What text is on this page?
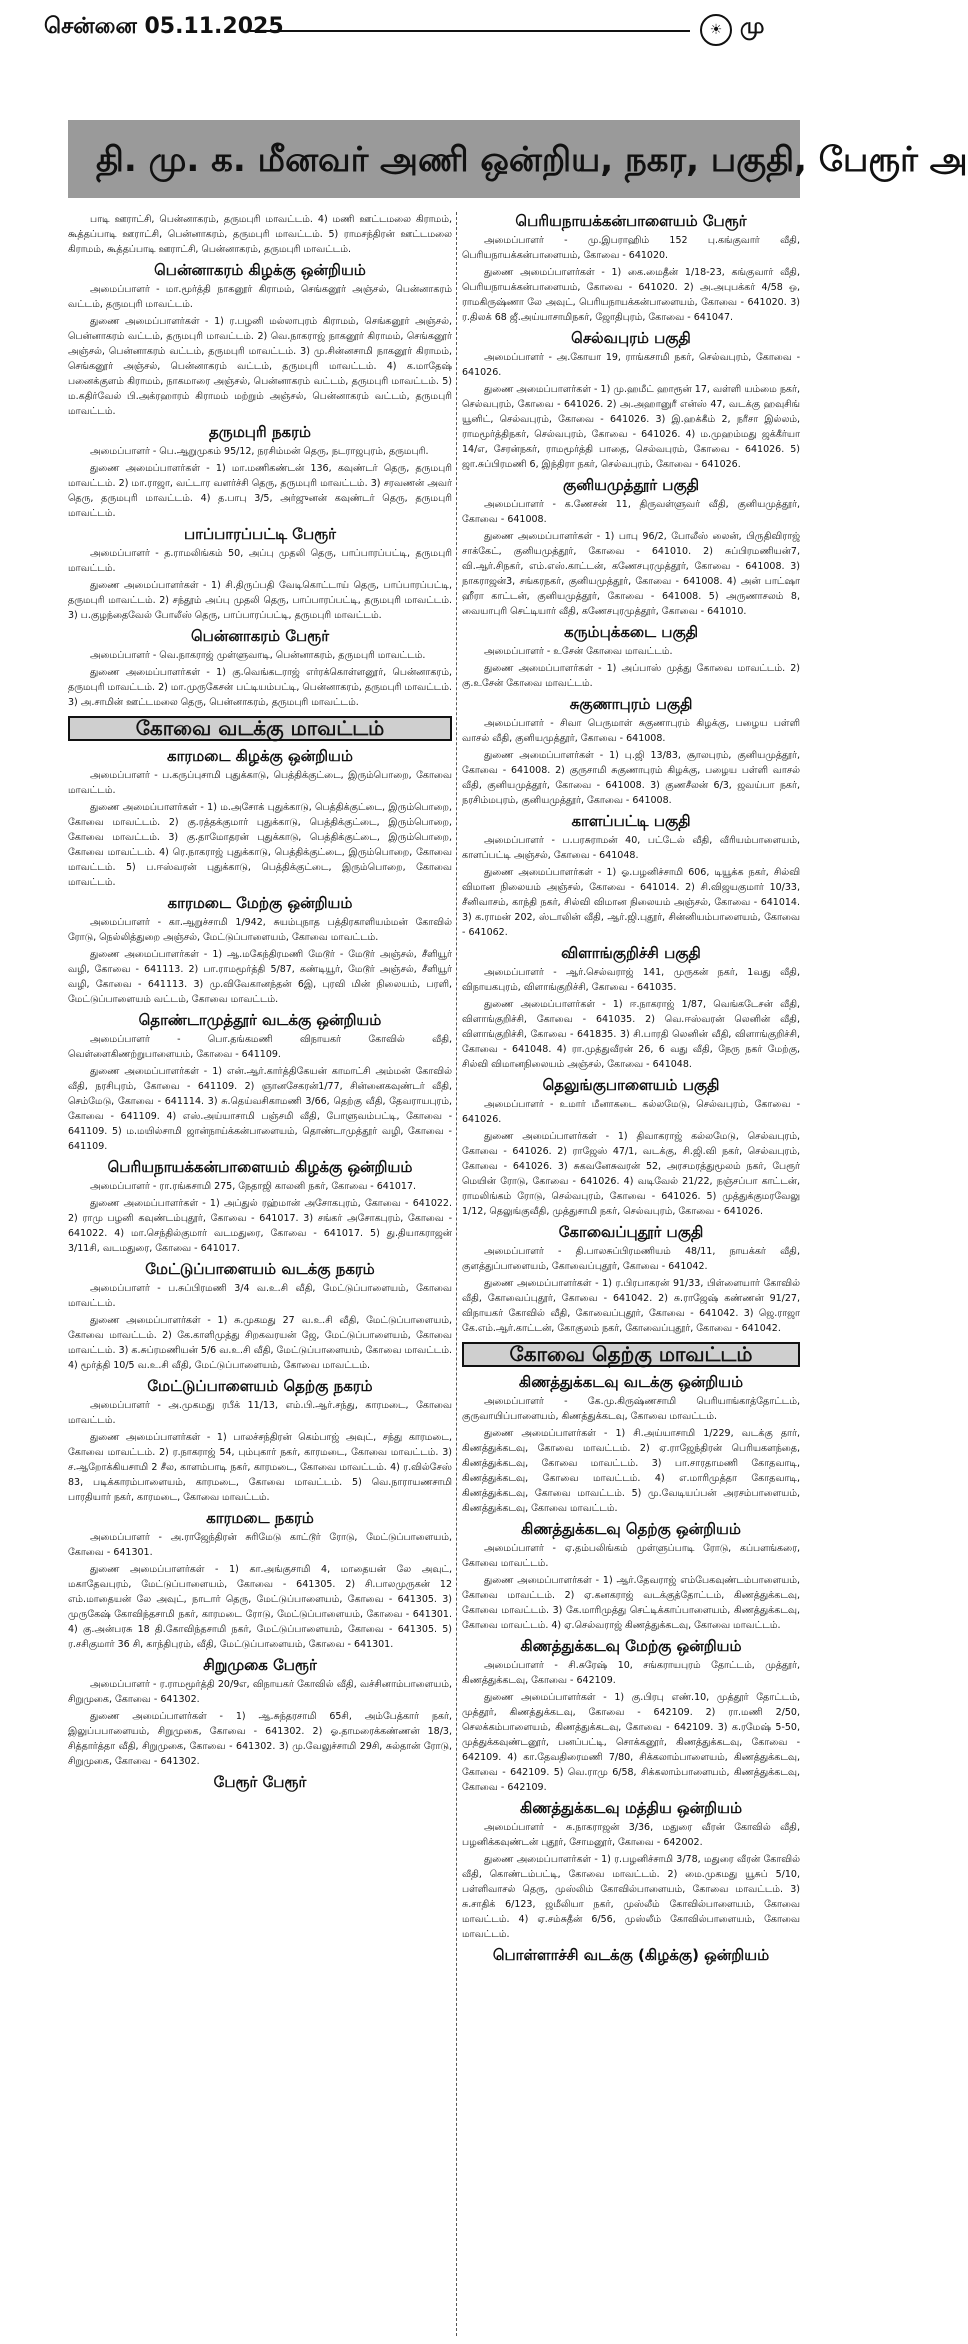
சென்னை 05.11.2025	☀ மு
தி. மு. க. மீனவர் அணி ஒன்றிய, நகர, பகுதி, பேரூர் அ

பாடி ஊராட்சி, பென்னாகரம், தருமபுரி மாவட்டம். 4) மணி ஊட்டமலை கிராமம், கூத்தப்பாடி ஊராட்சி, பென்னாகரம், தருமபுரி மாவட்டம். 5) ராமசந்திரன் ஊட்டமலை கிராமம், கூத்தப்பாடி ஊராட்சி, பென்னாகரம், தருமபுரி மாவட்டம்.

பென்னாகரம் கிழக்கு ஒன்றியம்

அமைப்பாளர் - மா.மூர்த்தி நாகனூர் கிராமம், செங்கனூர் அஞ்சல், பென்னாகரம் வட்டம், தருமபுரி மாவட்டம்.

துணை அமைப்பாளர்கள் - 1) ர.பழனி மல்லாபுரம் கிராமம், செங்கனூர் அஞ்சல், பென்னாகரம் வட்டம், தருமபுரி மாவட்டம். 2) வெ.நாகராஜ் நாகனூர் கிராமம், செங்கனூர் அஞ்சல், பென்னாகரம் வட்டம், தருமபுரி மாவட்டம். 3) மு.சின்னசாமி நாகனூர் கிராமம், செங்கனூர் அஞ்சல், பென்னாகரம் வட்டம், தருமபுரி மாவட்டம். 4) க.மாதேஷ் பனைக்குளம் கிராமம், நாகமாரை அஞ்சல், பென்னாகரம் வட்டம், தருமபுரி மாவட்டம். 5) ம.கதிர்வேல் பி.அக்ரஹாரம் கிராமம் மற்றும் அஞ்சல், பென்னாகரம் வட்டம், தருமபுரி மாவட்டம்.

தருமபுரி நகரம்

அமைப்பாளர் - பெ.ஆறுமுகம் 95/12, நரசிம்மன் தெரு, நடராஜபுரம், தருமபுரி.

துணை அமைப்பாளர்கள் - 1) மா.மணிகண்டன் 136, கவுண்டர் தெரு, தருமபுரி மாவட்டம். 2) மா.ராஜா, வட்டார வளர்ச்சி தெரு, தருமபுரி மாவட்டம். 3) சரவணன் அவர் தெரு, தருமபுரி மாவட்டம். 4) த.பாபு 3/5, அர்ஜுனன் கவுண்டர் தெரு, தருமபுரி மாவட்டம்.

பாப்பாரப்பட்டி பேரூர்

அமைப்பாளர் - த.ராமலிங்கம் 50, அப்பு முதலி தெரு, பாப்பாரப்பட்டி, தருமபுரி மாவட்டம்.

துணை அமைப்பாளர்கள் - 1) சி.திருப்பதி வேடிகொட்டாய் தெரு, பாப்பாரப்பட்டி, தருமபுரி மாவட்டம். 2) சந்தூம் அப்பு முதலி தெரு, பாப்பாரப்பட்டி, தருமபுரி மாவட்டம். 3) ப.குழந்தைவேல் போலீஸ் தெரு, பாப்பாரப்பட்டி, தருமபுரி மாவட்டம்.

பென்னாகரம் பேரூர்

அமைப்பாளர் - வெ.நாகராஜ் முள்ளுவாடி, பென்னாகரம், தருமபுரி மாவட்டம்.

துணை அமைப்பாளர்கள் - 1) கு.வெங்கடராஜ் எர்ரக்கொள்ளனூர், பென்னாகரம், தருமபுரி மாவட்டம். 2) மா.முருகேசன் பட்டியம்பட்டி, பென்னாகரம், தருமபுரி மாவட்டம். 3) அ.சாமின் ஊட்டமலை தெரு, பென்னாகரம், தருமபுரி மாவட்டம்.

கோவை வடக்கு மாவட்டம்
காரமடை கிழக்கு ஒன்றியம்

அமைப்பாளர் - ப.கருப்புசாமி புதுக்காடு, பெத்திக்குட்டை, இரும்பொறை, கோவை மாவட்டம்.

துணை அமைப்பாளர்கள் - 1) ம.அசோக் புதுக்காடு, பெத்திக்குட்டை, இரும்பொறை, கோவை மாவட்டம். 2) கு.ரத்தக்குமார் புதுக்காடு, பெத்திக்குட்டை, இரும்பொறை, கோவை மாவட்டம். 3) கு.தாமோதரன் புதுக்காடு, பெத்திக்குட்டை, இரும்பொறை, கோவை மாவட்டம். 4) ரெ.நாகராஜ் புதுக்காடு, பெத்திக்குட்டை, இரும்பொறை, கோவை மாவட்டம். 5) ப.ஈஸ்வரன் புதுக்காடு, பெத்திக்குட்டை, இரும்பொறை, கோவை மாவட்டம்.

காரமடை மேற்கு ஒன்றியம்

அமைப்பாளர் - கா.ஆறுச்சாமி 1/942, சுயம்புநாத பத்திரகாளியம்மன் கோவில் ரோடு, நெல்லித்துறை அஞ்சல், மேட்டுப்பாளையம், கோவை மாவட்டம்.

துணை அமைப்பாளர்கள் - 1) ஆ.மகேந்திரமணி மேடூர் - மேடூர் அஞ்சல், சீளியூர் வழி, கோவை - 641113. 2) பா.ராமமூர்த்தி 5/87, கண்டியூர், மேடூர் அஞ்சல், சீளியூர் வழி, கோவை - 641113. 3) மு.விவேகானந்தன் 6இ, புரவி மின் நிலையம், பரளி, மேட்டுப்பாளையம் வட்டம், கோவை மாவட்டம்.

தொண்டாமுத்தூர் வடக்கு ஒன்றியம்

அமைப்பாளர் - பொ.தங்கமணி விநாயகர் கோவில் வீதி, வெள்ளைகிணற்றுபாளையம், கோவை - 641109.

துணை அமைப்பாளர்கள் - 1) என்.ஆர்.கார்த்திகேயன் காமாட்சி அம்மன் கோவில் வீதி, நரசிபுரம், கோவை - 641109. 2) ஞானசேகரன்1/77, சின்னைகவுண்டர் வீதி, செம்மேடு, கோவை - 641114. 3) சு.தெய்வசிகாமணி 3/66, தெற்கு வீதி, தேவராயபுரம், கோவை - 641109. 4) எஸ்.அய்யாசாமி பஞ்சமி வீதி, போளுவம்பட்டி, கோவை - 641109. 5) ம.மயில்சாமி ஜான்நாய்க்கன்பாளையம், தொண்டாமுத்தூர் வழி, கோவை - 641109.

பெரியநாயக்கன்பாளையம் கிழக்கு ஒன்றியம்

அமைப்பாளர் - ரா.ரங்கசாமி 275, நேதாஜி காலனி நகர், கோவை - 641017.

துணை அமைப்பாளர்கள் - 1) அப்துல் ரஹ்மான் அசோகபுரம், கோவை - 641022. 2) ராமு பழனி கவுண்டம்புதூர், கோவை - 641017. 3) சங்கர் அசோகபுரம், கோவை - 641022. 4) மா.செந்தில்குமார் வடமதுரை, கோவை - 641017. 5) து.தியாகராஜன் 3/11சி, வடமதுரை, கோவை - 641017.

மேட்டுப்பாளையம் வடக்கு நகரம்

அமைப்பாளர் - ப.சுப்பிரமணி 3/4 வ.உ.சி வீதி, மேட்டுப்பாளையம், கோவை மாவட்டம்.

துணை அமைப்பாளர்கள் - 1) சு.முகமது 27 வ.உ.சி வீதி, மேட்டுப்பாளையம், கோவை மாவட்டம். 2) கே.காளிமுத்து சிறகவரயன் ஜே, மேட்டுப்பாளையம், கோவை மாவட்டம். 3) க.சுப்ரமணியன் 5/6 வ.உ.சி வீதி, மேட்டுப்பாளையம், கோவை மாவட்டம். 4) மூர்த்தி 10/5 வ.உ.சி வீதி, மேட்டுப்பாளையம், கோவை மாவட்டம்.

மேட்டுப்பாளையம் தெற்கு நகரம்

அமைப்பாளர் - அ.முகமது ரபீக் 11/13, எம்.பி.ஆர்.சந்து, காரமடை, கோவை மாவட்டம்.

துணை அமைப்பாளர்கள் - 1) பாலச்சந்திரன் கெம்பாஜ் அவுட், சந்து காரமடை, கோவை மாவட்டம். 2) ர.நாகராஜ் 54, பும்புகார் நகர், காரமடை, கோவை மாவட்டம். 3) ச.ஆறோக்கியசாமி 2 சீல, காளம்பாடி நகர், காரமடை, கோவை மாவட்டம். 4) ர.வில்சேஸ் 83, படிக்காரம்பாளையம், காரமடை, கோவை மாவட்டம். 5) வெ.நாராயணசாமி பாரதியார் நகர், காரமடை, கோவை மாவட்டம்.

காரமடை நகரம்

அமைப்பாளர் - அ.ராஜேந்திரன் சுரிமேடு காட்டூர் ரோடு, மேட்டுப்பாளையம், கோவை - 641301.

துணை அமைப்பாளர்கள் - 1) கா.அங்குசாமி 4, மாதையன் லே அவுட், மகாதேவபுரம், மேட்டுப்பாளையம், கோவை - 641305. 2) சி.பாலமுருகன் 12 எம்.மாதையன் லே அவுட், நாடார் தெரு, மேட்டுப்பாளையம், கோவை - 641305. 3) முருகேஷ் கோவிந்தசாமி நகர், காரமடை ரோடு, மேட்டுப்பாளையம், கோவை - 641301. 4) கு.அன்பரசு 18 தி.கோவிந்தசாமி நகர், மேட்டுப்பாளையம், கோவை - 641305. 5) ர.சசிகுமார் 36 சி, காந்திபுரம், வீதி, மேட்டுப்பாளையம், கோவை - 641301.

சிறுமுகை பேரூர்

அமைப்பாளர் - ர.ராமமூர்த்தி 20/9எ, விநாயகர் கோவில் வீதி, வச்சினாம்பாளையம், சிறுமுகை, கோவை - 641302.

துணை அமைப்பாளர்கள் - 1) ஆ.சுந்தரசாமி 65சி, அம்பேத்கார் நகர், இலுப்பபாளையம், சிறுமுகை, கோவை - 641302. 2) ஓ.தாமரைக்கண்ணன் 18/3, சித்தார்த்தா வீதி, சிறுமுகை, கோவை - 641302. 3) மு.வேலுச்சாமி 29சி, சுல்தான் ரோடு, சிறுமுகை, கோவை - 641302.

பேரூர் பேரூர்

பெரியநாயக்கன்பாளையம் பேரூர்

அமைப்பாளர் - மு.இபராஹிம் 152 பு.கங்குவார் வீதி, பெரியநாயக்கன்பாளையம், கோவை - 641020.

துணை அமைப்பாளர்கள் - 1) கை.மைதீன் 1/18-23, கங்குவார் வீதி, பெரியநாயக்கன்பாளையம், கோவை - 641020. 2) அ.அபுபக்கர் 4/58 ஒ, ராமகிருஷ்ணா லே அவுட், பெரியநாயக்கன்பாளையம், கோவை - 641020. 3) ர.திலக் 68 ஜீ.அய்யாசாமிநகர், ஜோதிபுரம், கோவை - 641047.

செல்வபுரம் பகுதி

அமைப்பாளர் - அ.கோயா 19, ராங்கசாமி நகர், செல்வபுரம், கோவை - 641026.

துணை அமைப்பாளர்கள் - 1) மு.ஹமீட் ஹாரூன் 17, வள்ளி யம்மை நகர், செல்வபுரம், கோவை - 641026. 2) அ.அஹானுரீ என்ஸ் 47, வடக்கு ஹவுசிங் யூனிட், செல்வபுரம், கோவை - 641026. 3) இ.ஹக்கீம் 2, நரீசா இல்லம், ராமமூர்த்திநகர், செல்வபுரம், கோவை - 641026. 4) ம.முஹம்மது ஜக்கீர்யா 14/எ, சேரன்நகர், ராமமூர்த்தி பாதை, செல்வபுரம், கோவை - 641026. 5) ஜா.சுப்பிரமணி 6, இந்திரா நகர், செல்வபுரம், கோவை - 641026.

குனியமுத்தூர் பகுதி

அமைப்பாளர் - க.ணேசன் 11, திருவள்ளுவர் வீதி, குனியமுத்தூர், கோவை - 641008.

துணை அமைப்பாளர்கள் - 1) பாபு 96/2, போலீஸ் லைன், பிருதிவிராஜ் சாக்கேட், குனியமுத்தூர், கோவை - 641010. 2) சுப்பிரமணியன்7, வி.ஆர்.சிநகர், எம்.எஸ்.காட்டன், கணேசபுரமுத்தூர், கோவை - 641008. 3) நாகராஜன்3, சங்கரநகர், குனியமுத்தூர், கோவை - 641008. 4) அன் பாட்ஷா ஹீரா காட்டன், குனியமுத்தூர், கோவை - 641008. 5) அருணாசலம் 8, வையாபுரி செட்டியார் வீதி, கணேசபுரமுத்தூர், கோவை - 641010.

கரும்புக்கடை பகுதி

அமைப்பாளர் - உசேன் கோவை மாவட்டம்.

துணை அமைப்பாளர்கள் - 1) அப்பாஸ் முத்து கோவை மாவட்டம். 2) கு.உசேன் கோவை மாவட்டம்.

சுகுணாபுரம் பகுதி

அமைப்பாளர் - சிவா பெருமாள் சுகுணாபுரம் கிழக்கு, பழைய பள்ளி வாசல் வீதி, குனியமுத்தூர், கோவை - 641008.

துணை அமைப்பாளர்கள் - 1) பு.ஜி 13/83, சூாலபுரம், குனியமுத்தூர், கோவை - 641008. 2) குருசாமி சுகுணாபுரம் கிழக்கு, பழைய பள்ளி வாசல் வீதி, குனியமுத்தூர், கோவை - 641008. 3) குணசீலன் 6/3, ஜவய்பா நகர், நரசிம்மபுரம், குனியமுத்தூர், கோவை - 641008.

காளப்பட்டி பகுதி

அமைப்பாளர் - ப.பரசுராமன் 40, பட்டேல் வீதி, வீரியம்பாளையம், காளப்பட்டி அஞ்சல், கோவை - 641048.

துணை அமைப்பாளர்கள் - 1) ஓ.பழனிச்சாமி 606, டியூக்க நகர், சில்வி விமான நிலையம் அஞ்சல், கோவை - 641014. 2) சி.விஜயகுமார் 10/33, சீனிவாசம், காந்தி நகர், சில்வி விமான நிலையம் அஞ்சல், கோவை - 641014. 3) க.ராமன் 202, ஸ்டாலின் வீதி, ஆர்.ஜி.புதூர், சின்னியம்பாளையம், கோவை - 641062.

விளாங்குறிச்சி பகுதி

அமைப்பாளர் - ஆர்.செல்வராஜ் 141, முருகன் நகர், 1வது வீதி, விநாயகபுரம், விளாங்குறிச்சி, கோவை - 641035.

துணை அமைப்பாளர்கள் - 1) ஈ.நாகராஜ் 1/87, வெங்கடேசன் வீதி, விளாங்குறிச்சி, கோவை - 641035. 2) வெ.ஈஸ்வரன் லெனின் வீதி, விளாங்குறிச்சி, கோவை - 641835. 3) சி.பாரதி லெனின் வீதி, விளாங்குறிச்சி, கோவை - 641048. 4) ரா.முத்துவீரன் 26, 6 வது வீதி, நேரு நகர் மேற்கு, சில்வி விமானநிலையம் அஞ்சல், கோவை - 641048.

தெலுங்குபாளையம் பகுதி

அமைப்பாளர் - உமார் மீனாகடை கல்லமேடு, செல்வபுரம், கோவை - 641026.

துணை அமைப்பாளர்கள் - 1) திவாகராஜ் கல்லமேடு, செல்வபுரம், கோவை - 641026. 2) ராஜேஸ் 47/1, வடக்கு, சி.ஜி.வி நகர், செல்வபுரம், கோவை - 641026. 3) சுகவனேசுவரன் 52, அரசமரத்துமூலம் நகர், பேரூர் மெயின் ரோடு, கோவை - 641026. 4) வடிவேல் 21/22, நஞ்சப்பா காட்டன், ராமலிங்கம் ரோடு, செல்வபுரம், கோவை - 641026. 5) முத்துக்குமரவேலு 1/12, தெலுங்குவீதி, முத்துசாமி நகர், செல்வபுரம், கோவை - 641026.

கோவைப்புதூர் பகுதி

அமைப்பாளர் - தி.பாலசுப்பிரமணியம் 48/11, நாயக்கர் வீதி, குளத்துப்பாளையம், கோவைப்புதூர், கோவை - 641042.

துணை அமைப்பாளர்கள் - 1) ர.பிரபாகரன் 91/33, பிள்ளையார் கோவில் வீதி, கோவைப்புதூர், கோவை - 641042. 2) சு.ராஜேஷ் கண்ணன் 91/27, விநாயகர் கோவில் வீதி, கோவைப்புதூர், கோவை - 641042. 3) ஜெ.ராஜா கே.எம்.ஆர்.காட்டன், கோகுலம் நகர், கோவைப்புதூர், கோவை - 641042.

கோவை தெற்கு மாவட்டம்
கிணத்துக்கடவு வடக்கு ஒன்றியம்

அமைப்பாளர் - கே.மு.கிருஷ்ணசாமி பெரியாங்காத்தோட்டம், குருவாயிப்பாளையம், கிணத்துக்கடவு, கோவை மாவட்டம்.

துணை அமைப்பாளர்கள் - 1) சி.அய்யாசாமி 1/229, வடக்கு தார், கிணத்துக்கடவு, கோவை மாவட்டம். 2) ஏ.ராஜேந்திரன் பெரியகளந்தை, கிணத்துக்கடவு, கோவை மாவட்டம். 3) பா.சாரதாமணி கோதவாடி, கிணத்துக்கடவு, கோவை மாவட்டம். 4) எ.மாரிமுத்தா கோதவாடி, கிணத்துக்கடவு, கோவை மாவட்டம். 5) மு.வேடியப்பன் அரசம்பாளையம், கிணத்துக்கடவு, கோவை மாவட்டம்.

கிணத்துக்கடவு தெற்கு ஒன்றியம்

அமைப்பாளர் - ஏ.தம்பலிங்கம் முள்ளுப்பாடி ரோடு, கப்பளங்கரை, கோவை மாவட்டம்.

துணை அமைப்பாளர்கள் - 1) ஆர்.தேவராஜ் எம்பேகவுண்டம்பாளையம், கோவை மாவட்டம். 2) ஏ.கனகராஜ் வடக்குத்தோட்டம், கிணத்துக்கடவு, கோவை மாவட்டம். 3) கே.மாரிமுத்து செட்டிக்காப்பாளையம், கிணத்துக்கடவு, கோவை மாவட்டம். 4) ஏ.செல்வராஜ் கிணத்துக்கடவு, கோவை மாவட்டம்.

கிணத்துக்கடவு மேற்கு ஒன்றியம்

அமைப்பாளர் - சி.சுரேஷ் 10, சங்கராயபுரம் தோட்டம், முத்தூர், கிணத்துக்கடவு, கோவை - 642109.

துணை அமைப்பாளர்கள் - 1) கு.பிரபு எண்.10, முத்தூர் தோட்டம், முத்தூர், கிணத்துக்கடவு, கோவை - 642109. 2) ரா.மணி 2/50, செலக்கம்பாளையம், கிணத்துக்கடவு, கோவை - 642109. 3) க.ரமேஷ் 5-50, முத்துக்கவுண்டனூர், பனப்பட்டி, சொக்கனூர், கிணத்துக்கடவு, கோவை - 642109. 4) கா.தேவதிரைமணி 7/80, சிக்கலாம்பாளையம், கிணத்துக்கடவு, கோவை - 642109. 5) வெ.ராமு 6/58, சிக்கலாம்பாளையம், கிணத்துக்கடவு, கோவை - 642109.

கிணத்துக்கடவு மத்திய ஒன்றியம்

அமைப்பாளர் - சு.நாகராஜன் 3/36, மதுரை வீரன் கோவில் வீதி, பழனிக்கவுண்டன் புதூர், சோமனூர், கோவை - 642002.

துணை அமைப்பாளர்கள் - 1) ர.பழனிச்சாமி 3/78, மதுரை வீரன் கோவில் வீதி, கொண்டம்பட்டி, கோவை மாவட்டம். 2) மை.முகமது யூசுப் 5/10, பள்ளிவாசல் தெரு, முஸ்லிம் கோவில்பாளையம், கோவை மாவட்டம். 3) சு.சாதிக் 6/123, ஜமீலியா நகர், முஸ்லீம் கோவில்பாளையம், கோவை மாவட்டம். 4) ஏ.சம்சுதீன் 6/56, முஸ்லீம் கோவில்பாளையம், கோவை மாவட்டம்.

பொள்ளாச்சி வடக்கு (கிழக்கு) ஒன்றியம்
